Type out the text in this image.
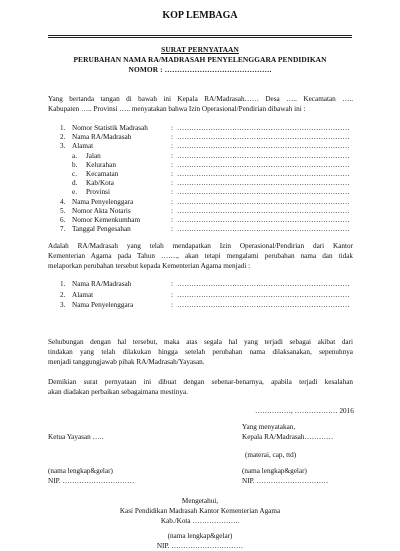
KOP LEMBAGA
SURAT PERNYATAAN
PERUBAHAN NAMA RA/MADRASAH PENYELENGGARA PENDIDIKAN
NOMOR : …………………………………….
Yang bertanda tangan di bawah ini Kepala RA/Madrasah…… Desa ….. Kecamatan …..
Kabupaten ….. Provinsi ….. menyatakan bahwa Izin Operasional/Pendirian dibawah ini :
1. Nomor Statistik Madrasah	: ………………………………………………………………
2. Nama RA/Madrasah	: ………………………………………………………………
3. Alamat	: ………………………………………………………………
a. Jalan	: ………………………………………………………………
b. Kelurahan	: ………………………………………………………………
c. Kecamatan	: ………………………………………………………………
d. Kab/Kota	: ………………………………………………………………
e. Provinsi	: ………………………………………………………………
4. Nama Penyelenggara	: ………………………………………………………………
5. Nomor Akta Notaris	: ………………………………………………………………
6. Nomor Kemenkumham	: ………………………………………………………………
7. Tanggal Pengesahan	: ………………………………………………………………
Adalah RA/Madrasah yang telah mendapatkan Izin Operasional/Pendirian dari Kantor
Kementerian Agama pada Tahun ……., akan tetapi mengalami perubahan nama dan tidak
melaporkan perubahan tersebut kepada Kementerian Agama menjadi :
1. Nama RA/Madrasah	: ………………………………………………………………
2. Alamat	: ………………………………………………………………
3. Nama Penyelenggara	: ………………………………………………………………
Sehubungan dengan hal tersebut, maka atas segala hal yang terjadi sebagai akibat dari
tindakan yang telah dilakukan hingga setelah perubahan nama dilaksanakan, sepenuhnya
menjadi tanggungjawab pihak RA/Madrasah/Yayasan.
Demikian surat pernyataan ini dibuat dengan sebenar-benarnya, apabila terjadi kesalahan
akan diadakan perbaikan sebagaimana mestinya.
……………, ……………… 2016
Yang menyatakan,
Kepala RA/Madrasah…………
Ketua Yayasan …..
(materai, cap, ttd)
(nama lengkap&gelar)
NIP. …………………………
(nama lengkap&gelar)
NIP. …………………………
Mengetahui,
Kasi Pendidikan Madrasah Kantor Kementerian Agama
Kab./Kota ………………..
(nama lengkap&gelar)
NIP. …………………………
